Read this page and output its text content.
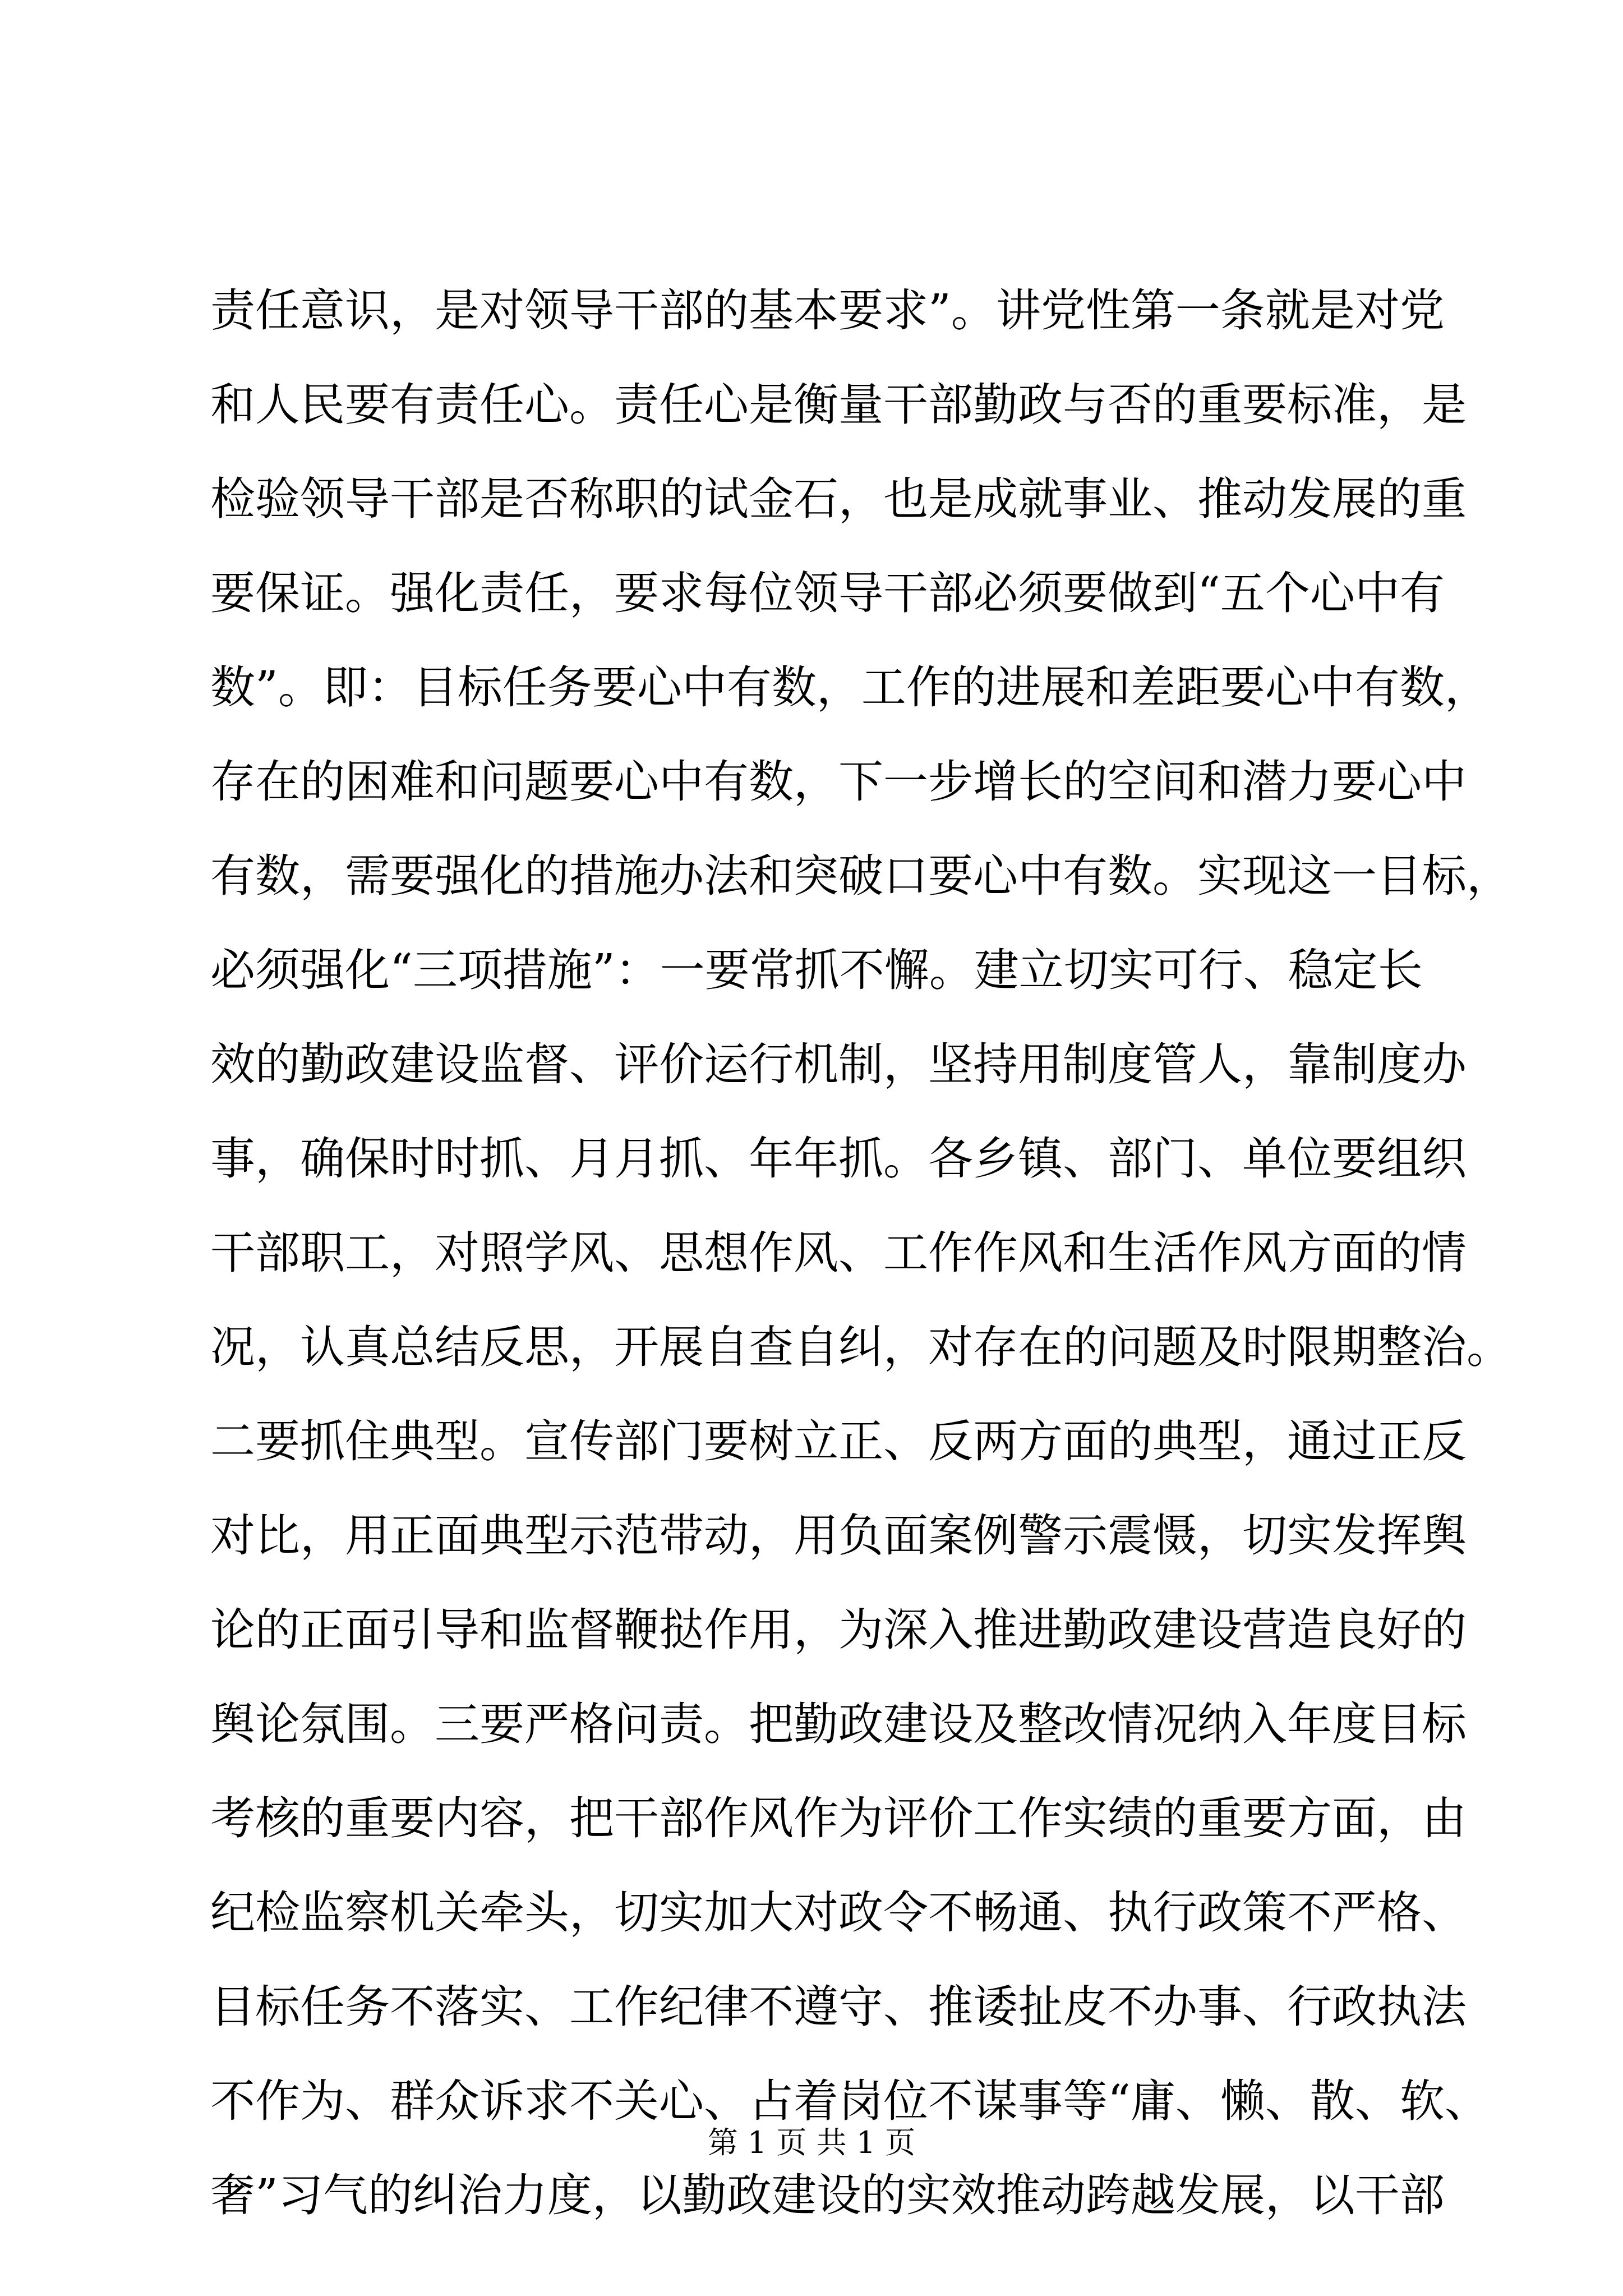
责任意识，是对领导干部的基本要求”。讲党性第一条就是对党
和人民要有责任心。责任心是衡量干部勤政与否的重要标准，是
检验领导干部是否称职的试金石，也是成就事业、推动发展的重
要保证。强化责任，要求每位领导干部必须要做到“五个心中有
数”。即：目标任务要心中有数，工作的进展和差距要心中有数，
存在的困难和问题要心中有数，下一步增长的空间和潜力要心中
有数，需要强化的措施办法和突破口要心中有数。实现这一目标，
必须强化“三项措施”：一要常抓不懈。建立切实可行、稳定长
效的勤政建设监督、评价运行机制，坚持用制度管人，靠制度办
事，确保时时抓、月月抓、年年抓。各乡镇、部门、单位要组织
干部职工，对照学风、思想作风、工作作风和生活作风方面的情
况，认真总结反思，开展自查自纠，对存在的问题及时限期整治。
二要抓住典型。宣传部门要树立正、反两方面的典型，通过正反
对比，用正面典型示范带动，用负面案例警示震慑，切实发挥舆
论的正面引导和监督鞭挞作用，为深入推进勤政建设营造良好的
舆论氛围。三要严格问责。把勤政建设及整改情况纳入年度目标
考核的重要内容，把干部作风作为评价工作实绩的重要方面，由
纪检监察机关牵头，切实加大对政令不畅通、执行政策不严格、
目标任务不落实、工作纪律不遵守、推诿扯皮不办事、行政执法
不作为、群众诉求不关心、占着岗位不谋事等“庸、懒、散、软、
奢”习气的纠治力度，以勤政建设的实效推动跨越发展，以干部
第 1 页 共 1 页
